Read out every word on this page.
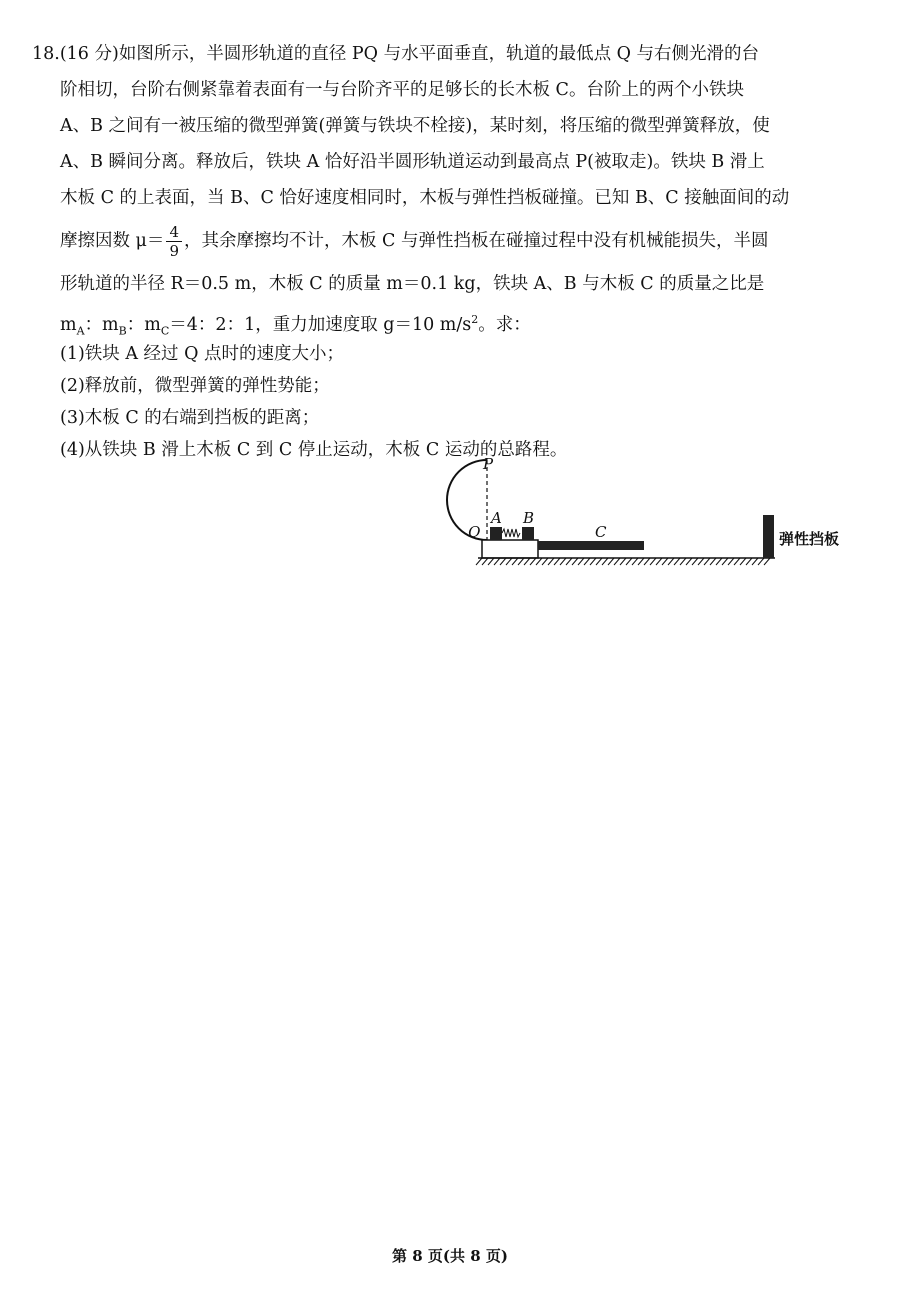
18.(16 分)如图所示，半圆形轨道的直径 PQ 与水平面垂直，轨道的最低点 Q 与右侧光滑的台
阶相切，台阶右侧紧靠着表面有一与台阶齐平的足够长的长木板 C。台阶上的两个小铁块
A、B 之间有一被压缩的微型弹簧(弹簧与铁块不栓接)，某时刻，将压缩的微型弹簧释放，使
A、B 瞬间分离。释放后，铁块 A 恰好沿半圆形轨道运动到最高点 P(被取走)。铁块 B 滑上
木板 C 的上表面，当 B、C 恰好速度相同时，木板与弹性挡板碰撞。已知 B、C 接触面间的动
摩擦因数 $\mu= \frac{4}{9}$ ，其余摩擦均不计，木板 C 与弹性挡板在碰撞过程中没有机械能损失，半圆
形轨道的半径 R＝0.5 m，木板 C 的质量 m＝0.1 kg，铁块 A、B 与木板 C 的质量之比是
$m_A$：$m_B$：$m_C=4$：2：1，重力加速度取 g＝10 $m/s^2$。求：
(1)铁块 A 经过 Q 点时的速度大小；
(2)释放前，微型弹簧的弹性势能；
(3)木板 C 的右端到挡板的距离；
(4)从铁块 B 滑上木板 C 到 C 停止运动，木板 C 运动的总路程。
P
Q
A B
C	弹性挡板
第 8 页(共 8 页)
